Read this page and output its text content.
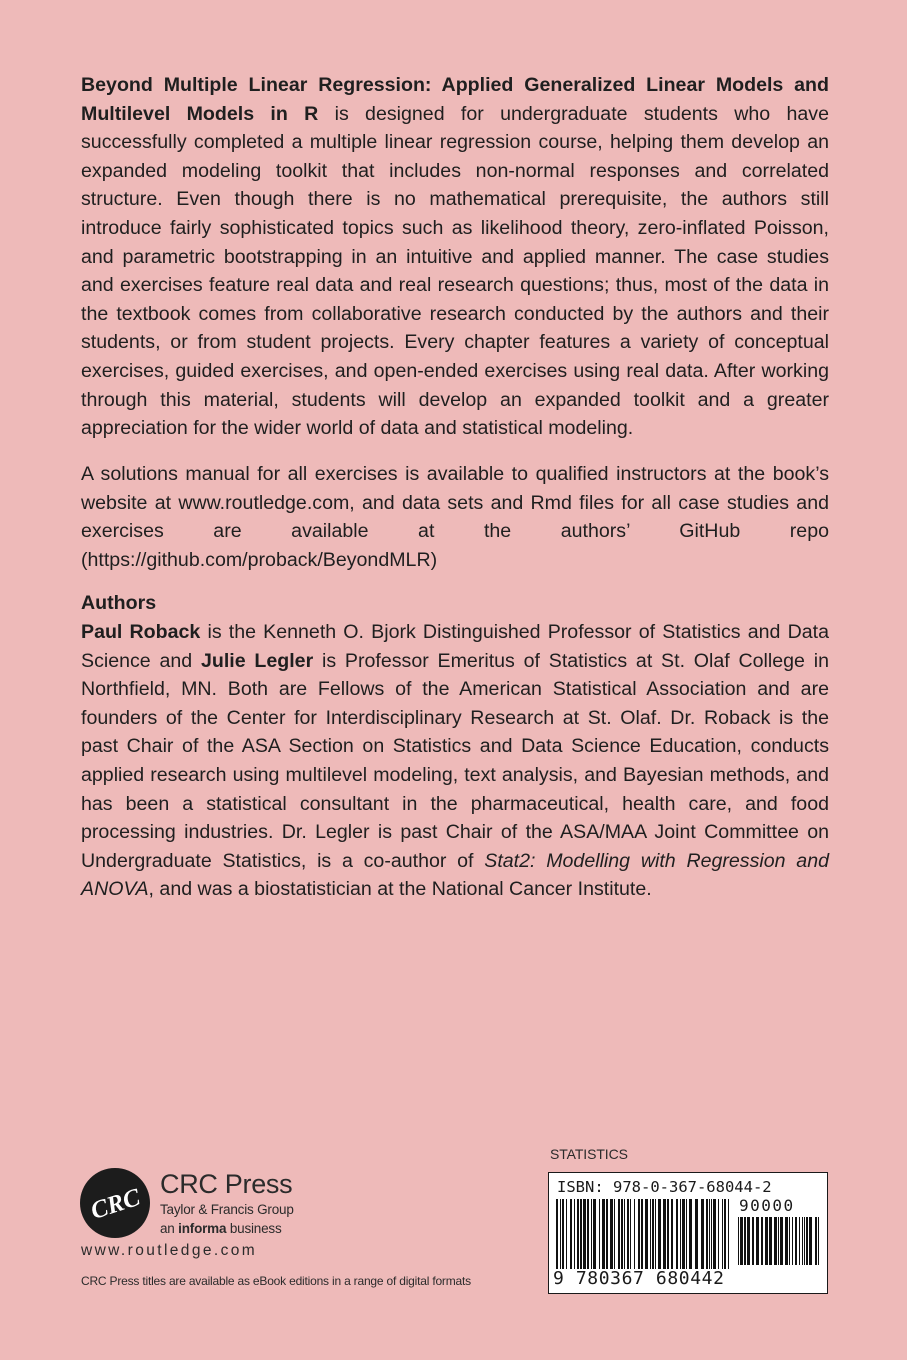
Beyond Multiple Linear Regression: Applied Generalized Linear Models and Multilevel Models in R is designed for undergraduate students who have successfully completed a multiple linear regression course, helping them develop an expanded modeling toolkit that includes non-normal responses and correlated structure. Even though there is no mathematical prerequisite, the authors still introduce fairly sophisticated topics such as likelihood theory, zero-inflated Poisson, and parametric bootstrapping in an intuitive and applied manner. The case studies and exercises feature real data and real research questions; thus, most of the data in the textbook comes from collaborative research conducted by the authors and their students, or from student projects. Every chapter features a variety of conceptual exercises, guided exercises, and open-ended exercises using real data. After working through this material, students will develop an expanded toolkit and a greater appreciation for the wider world of data and statistical modeling.

A solutions manual for all exercises is available to qualified instructors at the book’s website at www.routledge.com, and data sets and Rmd files for all case studies and exercises are available at the authors’ GitHub repo (https://github.com/proback/BeyondMLR)

Authors

Paul Roback is the Kenneth O. Bjork Distinguished Professor of Statistics and Data Science and Julie Legler is Professor Emeritus of Statistics at St. Olaf College in Northfield, MN. Both are Fellows of the American Statistical Association and are founders of the Center for Interdisciplinary Research at St. Olaf. Dr. Roback is the past Chair of the ASA Section on Statistics and Data Science Education, conducts applied research using multilevel modeling, text analysis, and Bayesian methods, and has been a statistical consultant in the pharmaceutical, health care, and food processing industries. Dr. Legler is past Chair of the ASA/MAA Joint Committee on Undergraduate Statistics, is a co-author of Stat2: Modelling with Regression and ANOVA, and was a biostatistician at the National Cancer Institute.

CRC CRC Press
Taylor & Francis Group
an informa business
www.routledge.com
CRC Press titles are available as eBook editions in a range of digital formats
STATISTICS
ISBN: 978-0-367-68044-2
90000
9 780367 680442
